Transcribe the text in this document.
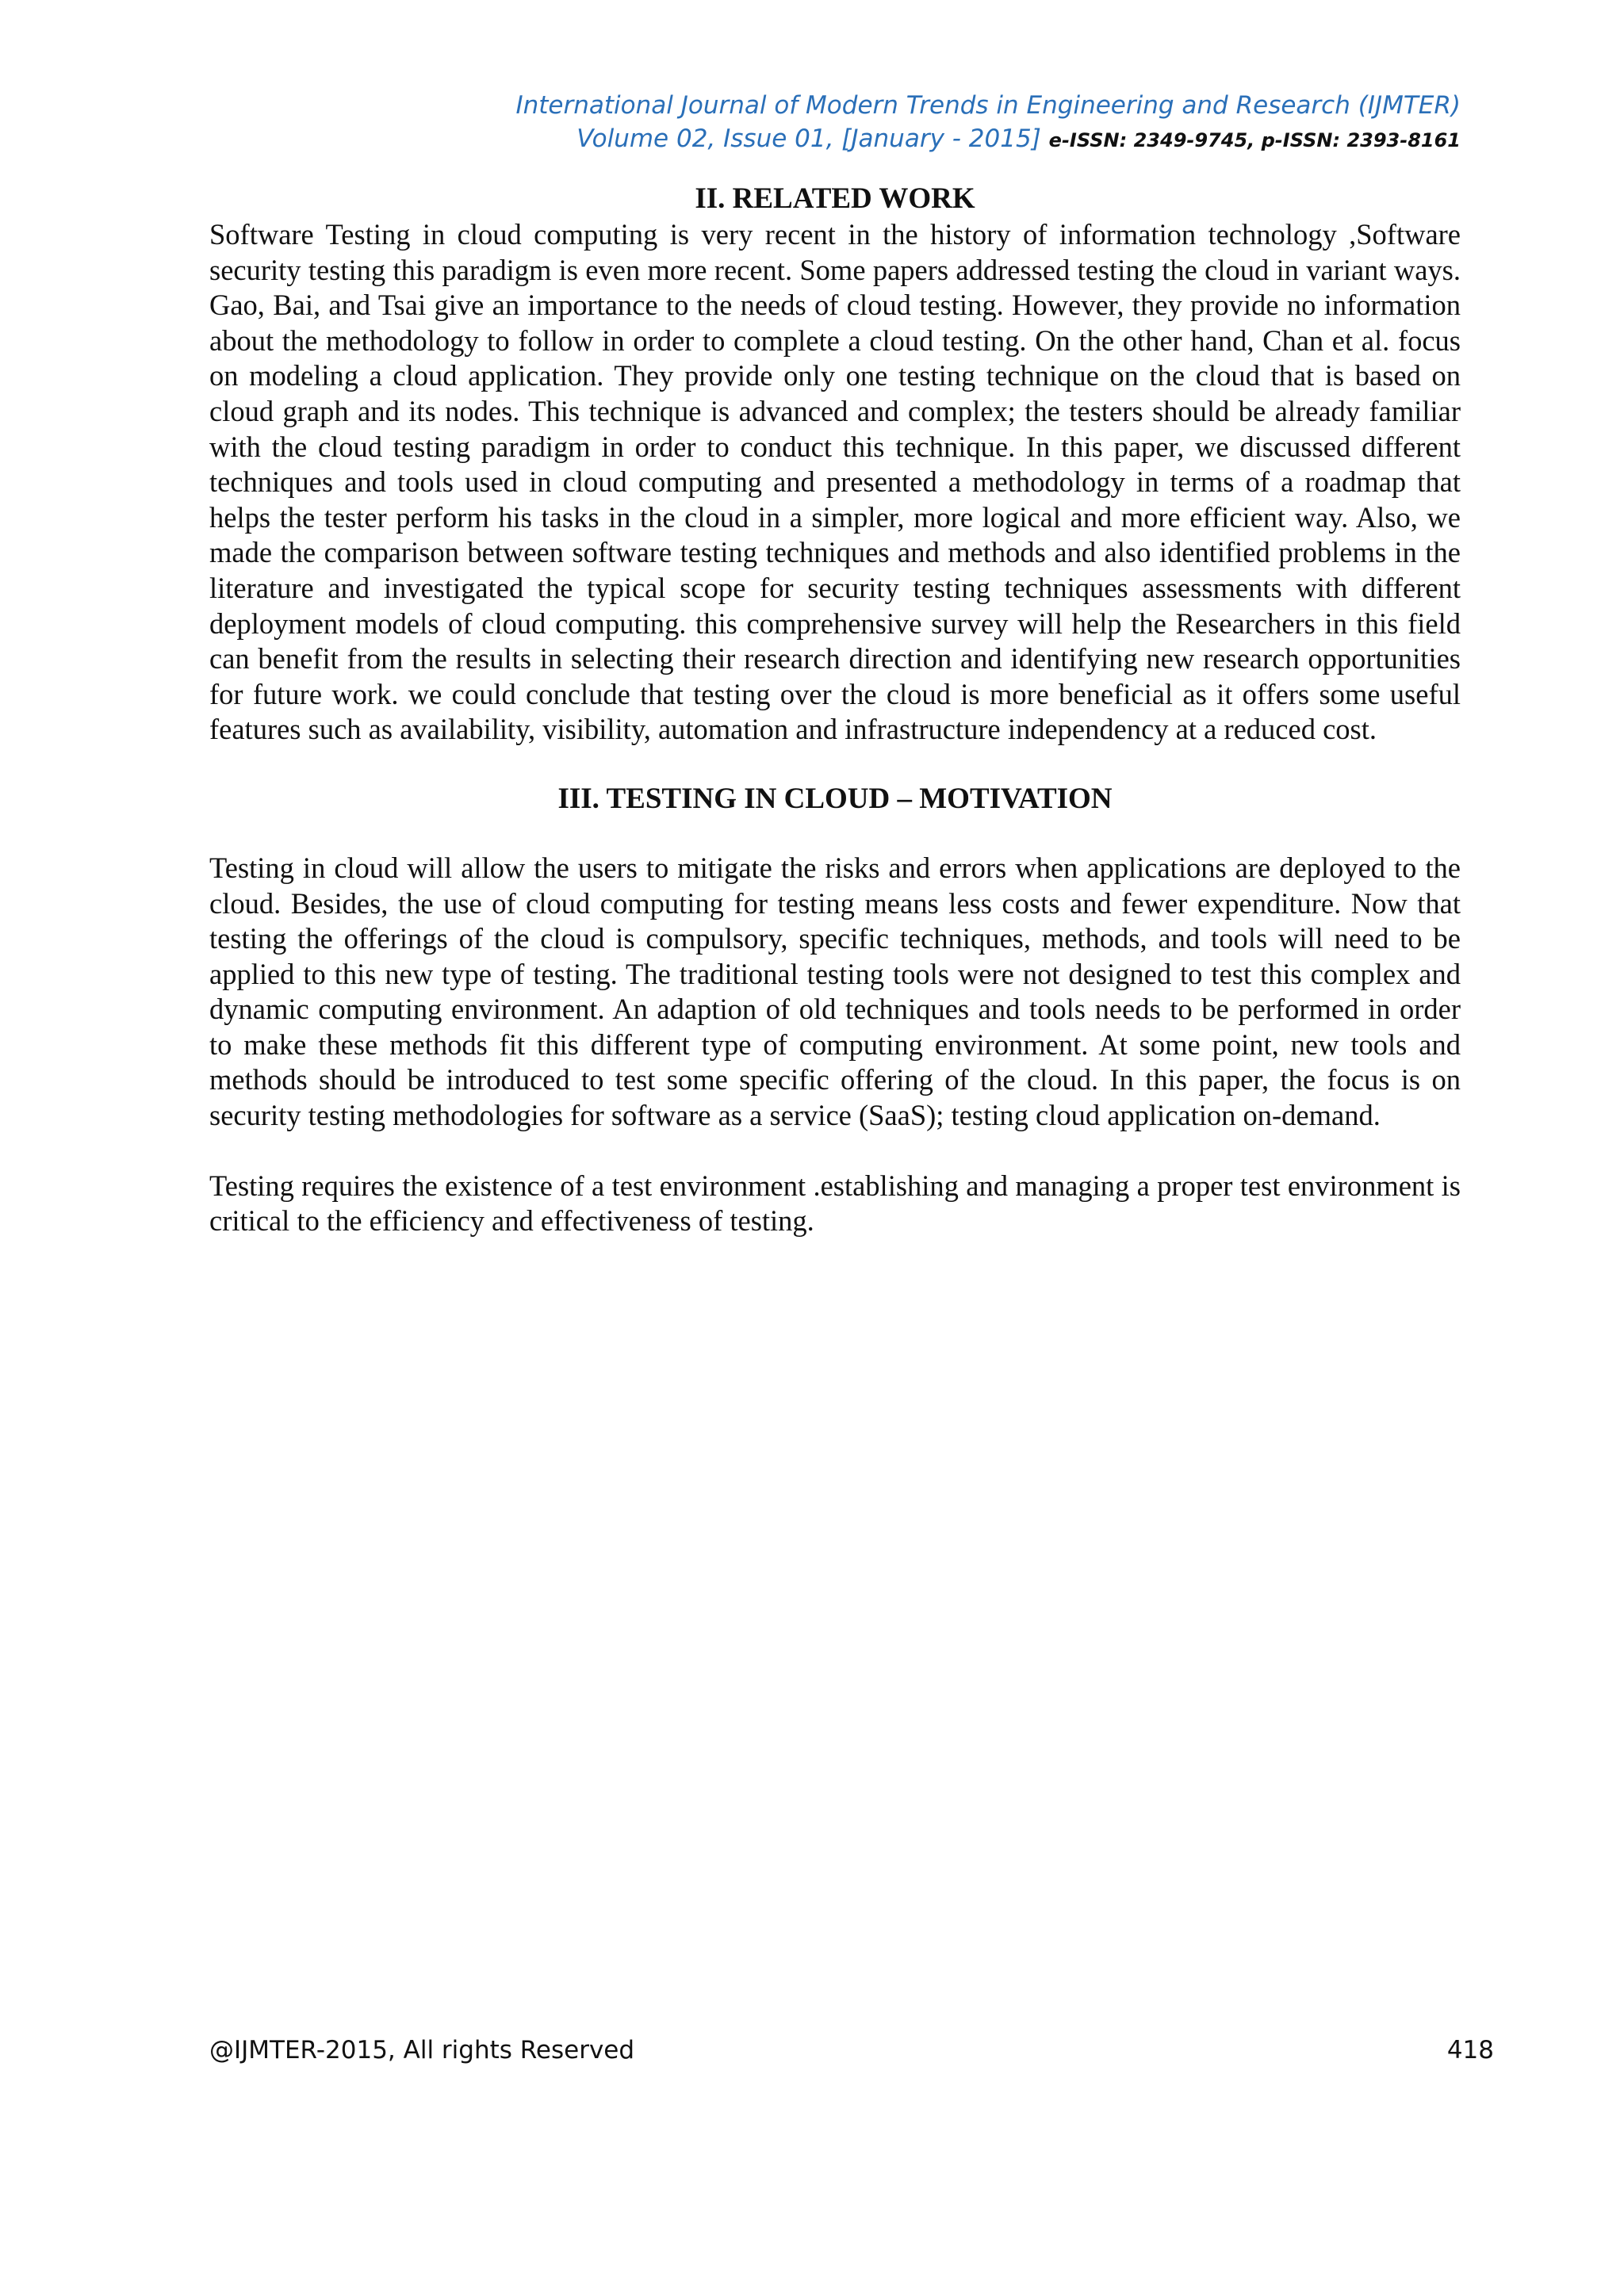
International Journal of Modern Trends in Engineering and Research (IJMTER)
Volume 02, Issue 01, [January - 2015] e-ISSN: 2349-9745, p-ISSN: 2393-8161
II. RELATED WORK

Software Testing in cloud computing is very recent in the history of information technology ,Software security testing this paradigm is even more recent. Some papers addressed testing the cloud in variant ways. Gao, Bai, and Tsai give an importance to the needs of cloud testing. However, they provide no information about the methodology to follow in order to complete a cloud testing. On the other hand, Chan et al. focus on modeling a cloud application. They provide only one testing technique on the cloud that is based on cloud graph and its nodes. This technique is advanced and complex; the testers should be already familiar with the cloud testing paradigm in order to conduct this technique. In this paper, we discussed different techniques and tools used in cloud computing and presented a methodology in terms of a roadmap that helps the tester perform his tasks in the cloud in a simpler, more logical and more efficient way. Also, we made the comparison between software testing techniques and methods and also identified problems in the literature and investigated the typical scope for security testing techniques assessments with different deployment models of cloud computing. this comprehensive survey will help the Researchers in this field can benefit from the results in selecting their research direction and identifying new research opportunities for future work. we could conclude that testing over the cloud is more beneficial as it offers some useful features such as availability, visibility, automation and infrastructure independency at a reduced cost.

III. TESTING IN CLOUD – MOTIVATION

Testing in cloud will allow the users to mitigate the risks and errors when applications are deployed to the cloud. Besides, the use of cloud computing for testing means less costs and fewer expenditure. Now that testing the offerings of the cloud is compulsory, specific techniques, methods, and tools will need to be applied to this new type of testing. The traditional testing tools were not designed to test this complex and dynamic computing environment. An adaption of old techniques and tools needs to be performed in order to make these methods fit this different type of computing environment. At some point, new tools and methods should be introduced to test some specific offering of the cloud. In this paper, the focus is on security testing methodologies for software as a service (SaaS); testing cloud application on-demand.

Testing requires the existence of a test environment .establishing and managing a proper test environment is critical to the efficiency and effectiveness of testing.

@IJMTER-2015, All rights Reserved	418
